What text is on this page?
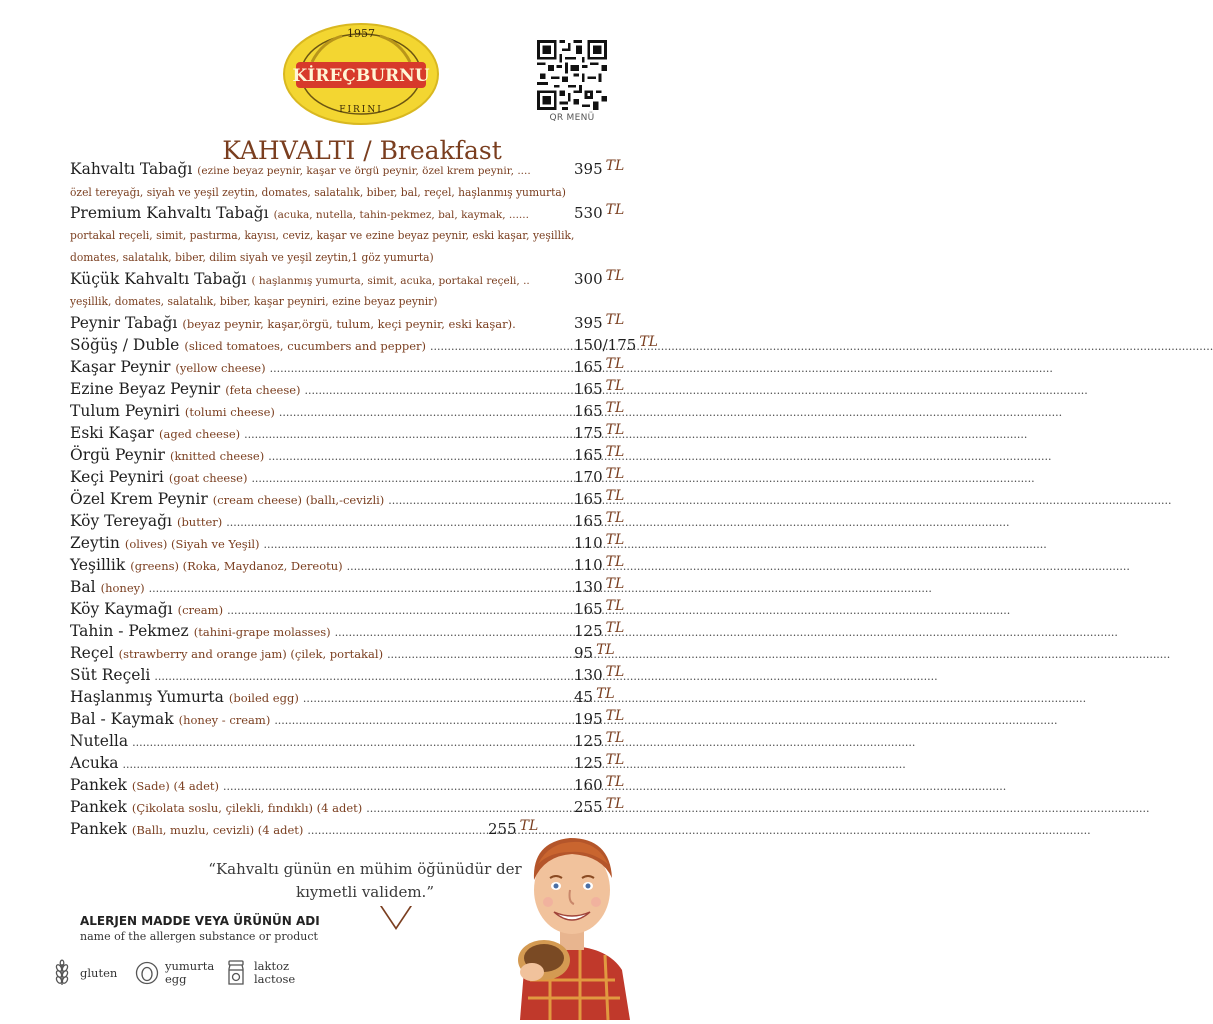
1957
KİREÇBURNU
FIRINI
QR MENÜ
KAHVALTI / Breakfast
Kahvaltı Tabağı (ezine beyaz peynir, kaşar ve örgü peynir, özel krem peynir, ....	395 TL
özel tereyağı, siyah ve yeşil zeytin, domates, salatalık, biber, bal, reçel, haşlanmış yumurta)
Premium Kahvaltı Tabağı (acuka, nutella, tahin-pekmez, bal, kaymak, ......	530 TL
portakal reçeli, simit, pastırma, kayısı, ceviz, kaşar ve ezine beyaz peynir, eski kaşar, yeşillik,
domates, salatalık, biber, dilim siyah ve yeşil zeytin,1 göz yumurta)
Küçük Kahvaltı Tabağı ( haşlanmış yumurta, simit, acuka, portakal reçeli, ..	300 TL
yeşillik, domates, salatalık, biber, kaşar peyniri, ezine beyaz peynir)
Peynir Tabağı (beyaz peynir, kaşar,örgü, tulum, keçi peynir, eski kaşar).	395 TL
Söğüş / Duble (sliced tomatoes, cucumbers and pepper) .....	150/175 TL
Kaşar Peynir (yellow cheese) .....	165 TL
Ezine Beyaz Peynir (feta cheese) .....	165 TL
Tulum Peyniri (tolumi cheese) .....	165 TL
Eski Kaşar (aged cheese) .....	175 TL
Örgü Peynir (knitted cheese) .....	165 TL
Keçi Peyniri (goat cheese) .....	170 TL
Özel Krem Peynir (cream cheese) (ballı,-cevizli) .....	165 TL
Köy Tereyağı (butter) .....	165 TL
Zeytin (olives) (Siyah ve Yeşil) .....	110 TL
Yeşillik (greens) (Roka, Maydanoz, Dereotu) .....	110 TL
Bal (honey) .....	130 TL
Köy Kaymağı (cream) .....	165 TL
Tahin - Pekmez (tahini-grape molasses) .....	125 TL
Reçel (strawberry and orange jam) (çilek, portakal) .....	95 TL
Süt Reçeli .....	130 TL
Haşlanmış Yumurta (boiled egg) .....	45 TL
Bal - Kaymak (honey - cream) .....	195 TL
Nutella .....	125 TL
Acuka .....	125 TL
Pankek (Sade) (4 adet) .....	160 TL
Pankek (Çikolata soslu, çilekli, fındıklı) (4 adet) .....	255 TL
Pankek (Ballı, muzlu, cevizli) (4 adet) .....	255 TL
“Kahvaltı günün en mühim öğünüdür der kıymetli validem.”
ALERJEN MADDE VEYA ÜRÜNÜN ADI
name of the allergen substance or product
gluten	yumurta
egg
laktoz
lactose
